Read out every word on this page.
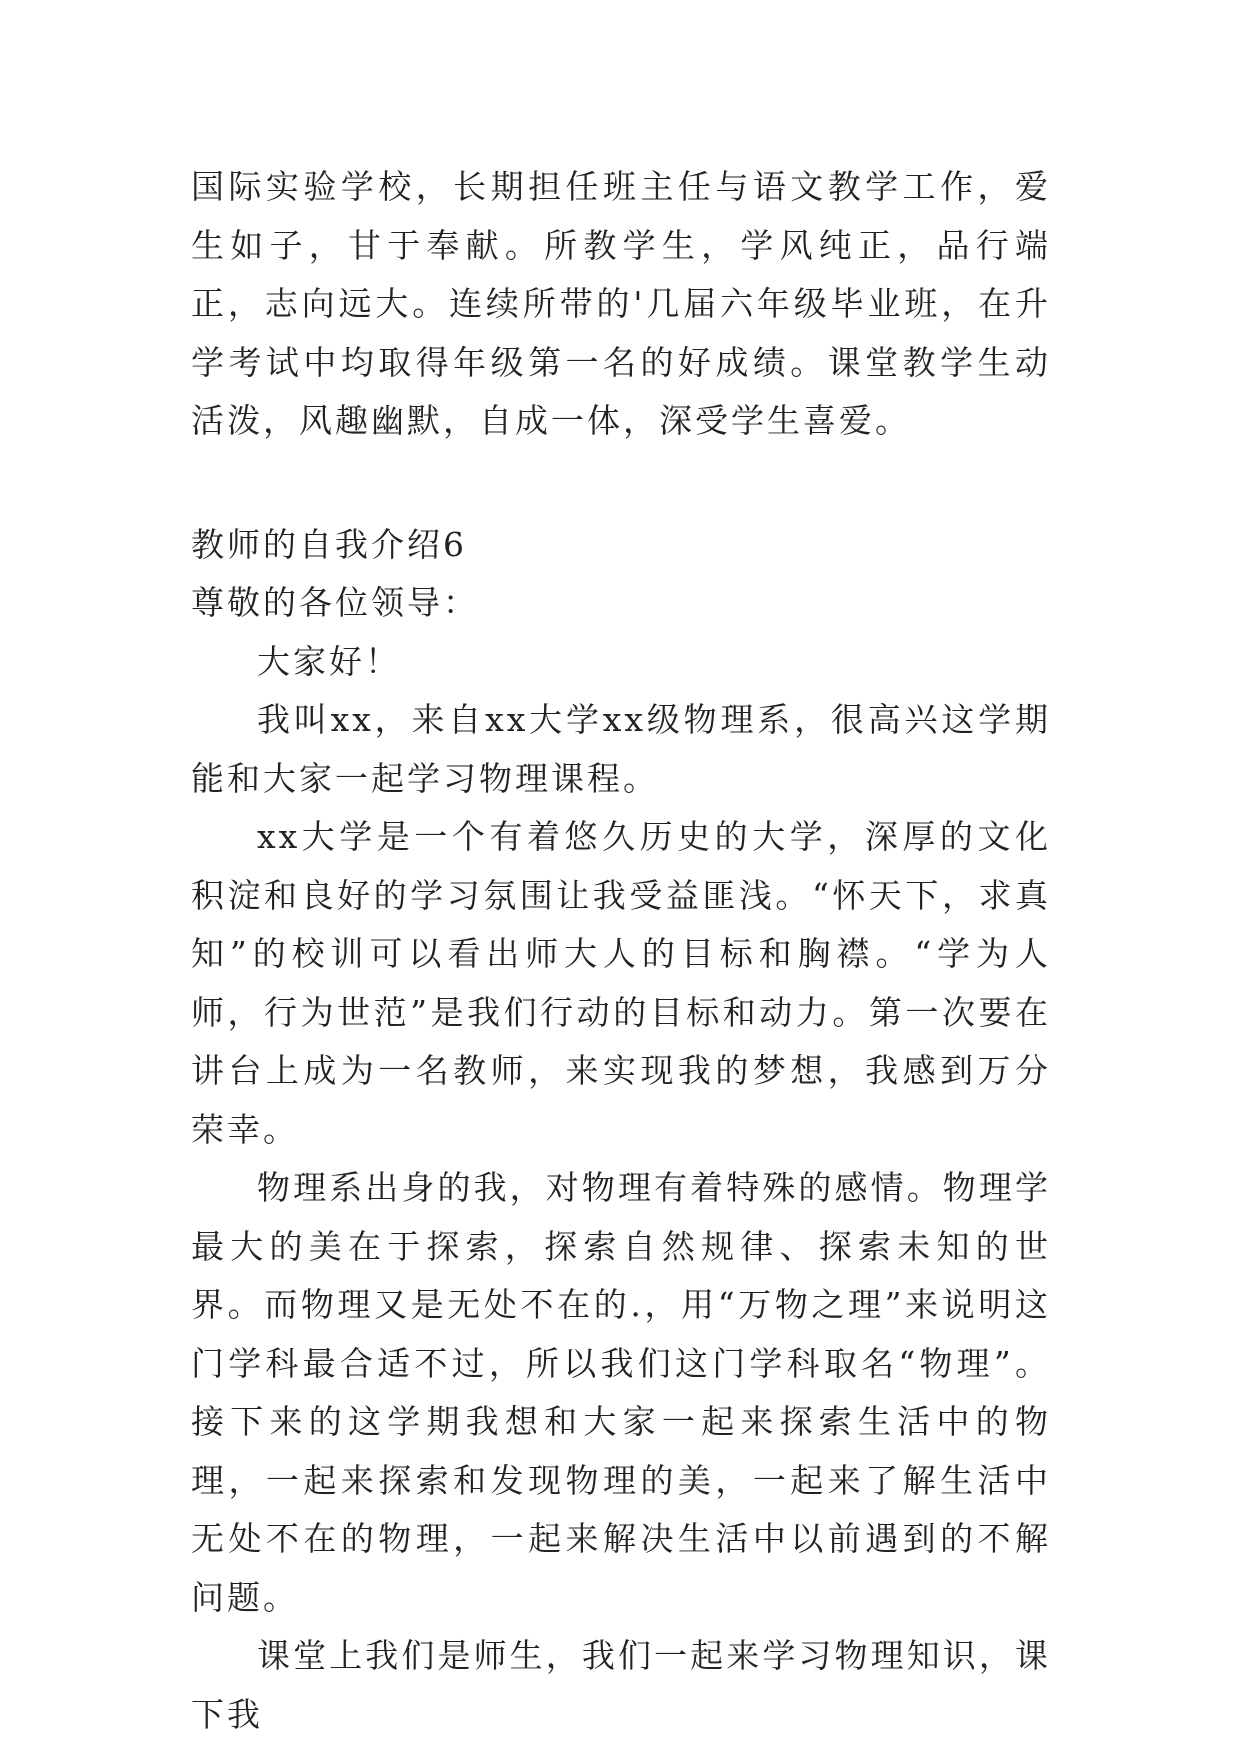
国际实验学校，长期担任班主任与语文教学工作，爱生如子，甘于奉献。所教学生，学风纯正，品行端正，志向远大。连续所带的'几届六年级毕业班，在升学考试中均取得年级第一名的好成绩。课堂教学生动活泼，风趣幽默，自成一体，深受学生喜爱。

教师的自我介绍6

尊敬的各位领导：

大家好！

我叫xx，来自xx大学xx级物理系，很高兴这学期能和大家一起学习物理课程。

xx大学是一个有着悠久历史的大学，深厚的文化积淀和良好的学习氛围让我受益匪浅。“怀天下，求真知”的校训可以看出师大人的目标和胸襟。“学为人师，行为世范”是我们行动的目标和动力。第一次要在讲台上成为一名教师，来实现我的梦想，我感到万分荣幸。

物理系出身的我，对物理有着特殊的感情。物理学最大的美在于探索，探索自然规律、探索未知的世界。而物理又是无处不在的.，用“万物之理”来说明这门学科最合适不过，所以我们这门学科取名“物理”。接下来的这学期我想和大家一起来探索生活中的物理，一起来探索和发现物理的美，一起来了解生活中无处不在的物理，一起来解决生活中以前遇到的不解问题。

课堂上我们是师生，我们一起来学习物理知识，课下我
